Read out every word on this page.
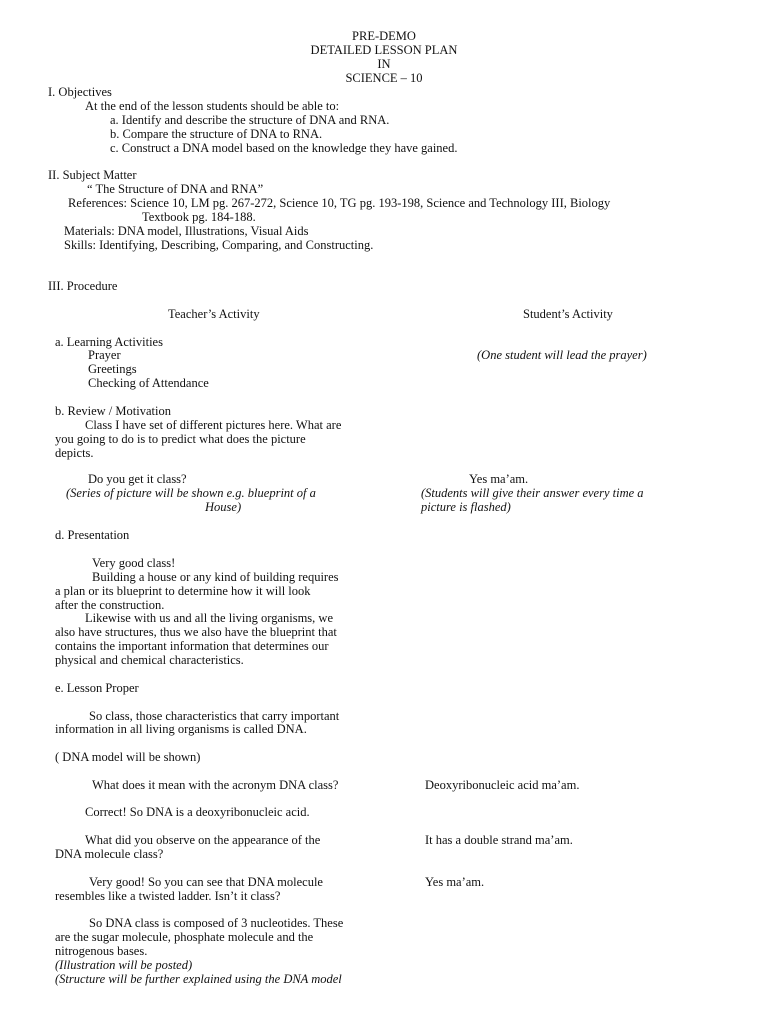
PRE-DEMO
DETAILED LESSON PLAN
IN
SCIENCE – 10
I. Objectives
At the end of the lesson students should be able to:
a. Identify and describe the structure of DNA and RNA.
b. Compare the structure of DNA to RNA.
c. Construct a DNA model based on the knowledge they have gained.
II. Subject Matter
“ The Structure of DNA and RNA”
References: Science 10, LM pg. 267-272, Science 10, TG pg. 193-198, Science and Technology III, Biology
Textbook pg. 184-188.
Materials: DNA model, Illustrations, Visual Aids
Skills: Identifying, Describing, Comparing, and Constructing.
III. Procedure
Teacher’s Activity	Student’s Activity
a. Learning Activities
Prayer
Greetings
Checking of Attendance
(One student will lead the prayer)
b. Review / Motivation
Class I have set of different pictures here. What are
you going to do is to predict what does the picture
depicts.
Do you get it class?
(Series of picture will be shown e.g. blueprint of a
House)
Yes ma’am.
(Students will give their answer every time a
picture is flashed)
d. Presentation
Very good class!
Building a house or any kind of building requires
a plan or its blueprint to determine how it will look
after the construction.
Likewise with us and all the living organisms, we
also have structures, thus we also have the blueprint that
contains the important information that determines our
physical and chemical characteristics.
e. Lesson Proper
So class, those characteristics that carry important
information in all living organisms is called DNA.
( DNA model will be shown)
What does it mean with the acronym DNA class?	Deoxyribonucleic acid ma’am.
Correct! So DNA is a deoxyribonucleic acid.
What did you observe on the appearance of the
DNA molecule class?
It has a double strand ma’am.
Very good! So you can see that DNA molecule
resembles like a twisted ladder. Isn’t it class?
Yes ma’am.
So DNA class is composed of 3 nucleotides. These
are the sugar molecule, phosphate molecule and the
nitrogenous bases.
(Illustration will be posted)
(Structure will be further explained using the DNA model
